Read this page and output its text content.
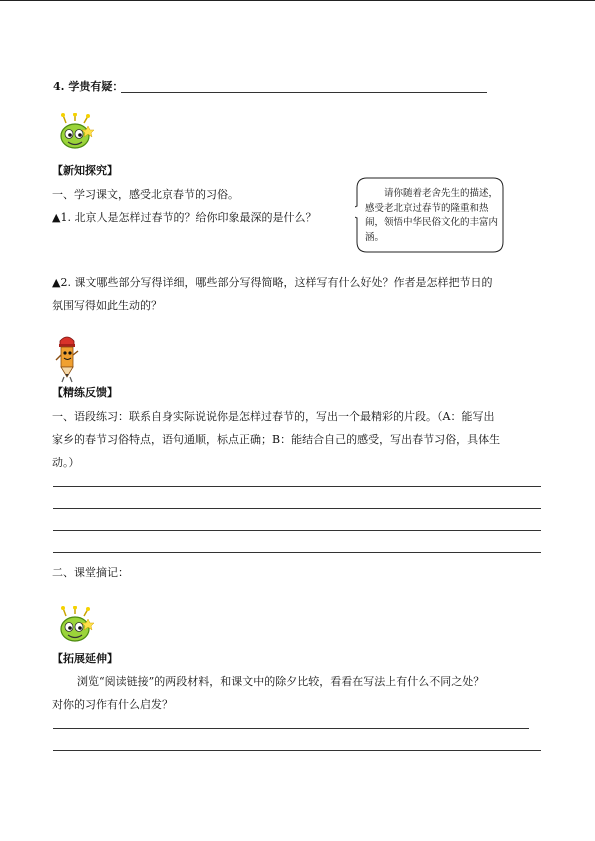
4. 学贵有疑：
【新知探究】
一、学习课文，感受北京春节的习俗。
▲1. 北京人是怎样过春节的？给你印象最深的是什么？
请你随着老舍先生的描述，感受老北京过春节的隆重和热闹，领悟中华民俗文化的丰富内涵。
▲2. 课文哪些部分写得详细，哪些部分写得简略，这样写有什么好处？作者是怎样把节日的
氛围写得如此生动的？
【精练反馈】
一、语段练习：联系自身实际说说你是怎样过春节的，写出一个最精彩的片段。（A：能写出
家乡的春节习俗特点，语句通顺，标点正确；B：能结合自己的感受，写出春节习俗，具体生
动。）
二、课堂摘记：
【拓展延伸】
浏览“阅读链接”的两段材料，和课文中的除夕比较，看看在写法上有什么不同之处？
对你的习作有什么启发？
